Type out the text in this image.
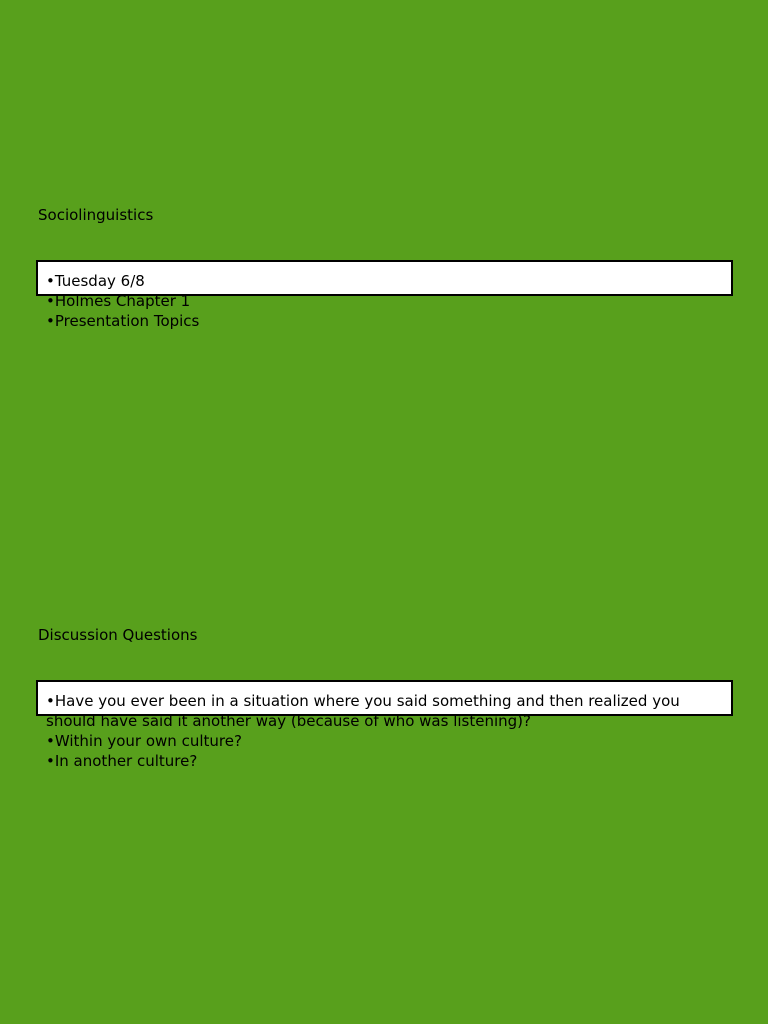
Sociolinguistics
• Tuesday 6/8
• Holmes Chapter 1
• Presentation Topics
Discussion Questions
• Have you ever been in a situation where you said something and then realized you should have said it another way (because of who was listening)?
• Within your own culture?
• In another culture?
